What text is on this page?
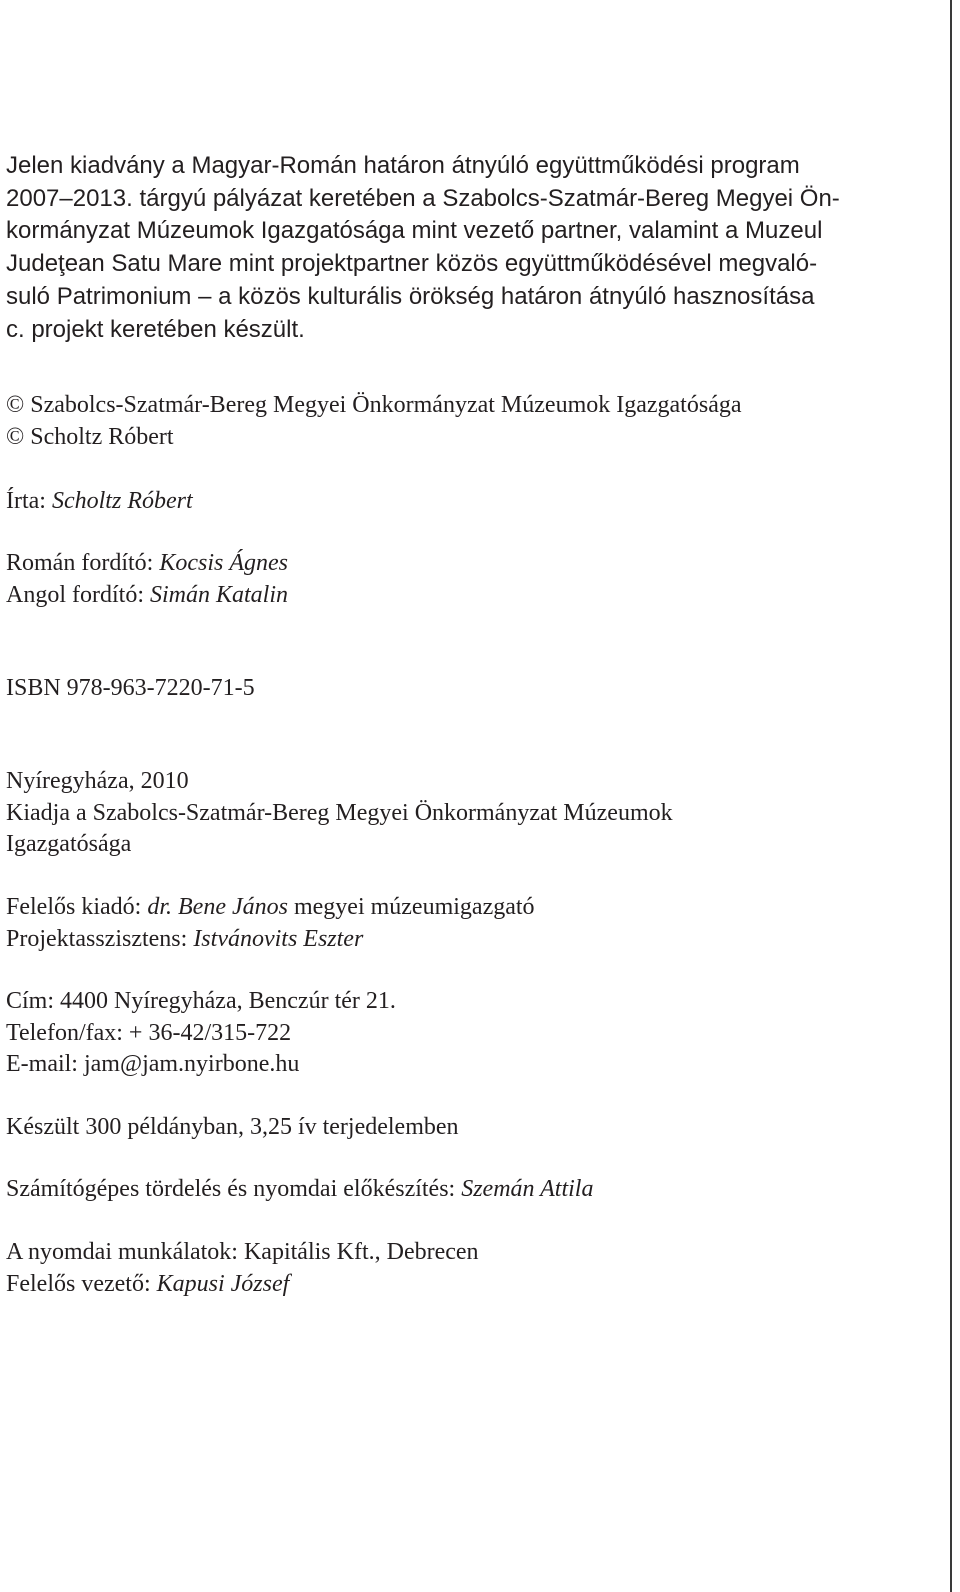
Jelen kiadvány a Magyar-Román határon átnyúló együttműködési program
2007–2013. tárgyú pályázat keretében a Szabolcs-Szatmár-Bereg Megyei Ön-
kormányzat Múzeumok Igazgatósága mint vezető partner, valamint a Muzeul
Judeţean Satu Mare mint projektpartner közös együttműködésével megvaló-
suló Patrimonium – a közös kulturális örökség határon átnyúló hasznosítása
c. projekt keretében készült.

© Szabolcs-Szatmár-Bereg Megyei Önkormányzat Múzeumok Igazgatósága
© Scholtz Róbert
Írta: Scholtz Róbert
Román fordító: Kocsis Ágnes
Angol fordító: Simán Katalin
ISBN 978-963-7220-71-5
Nyíregyháza, 2010
Kiadja a Szabolcs-Szatmár-Bereg Megyei Önkormányzat Múzeumok
Igazgatósága
Felelős kiadó: dr. Bene János megyei múzeumigazgató
Projektasszisztens: Istvánovits Eszter
Cím: 4400 Nyíregyháza, Benczúr tér 21.
Telefon/fax: + 36-42/315-722
E-mail: jam@jam.nyirbone.hu
Készült 300 példányban, 3,25 ív terjedelemben
Számítógépes tördelés és nyomdai előkészítés: Szemán Attila
A nyomdai munkálatok: Kapitális Kft., Debrecen
Felelős vezető: Kapusi József
